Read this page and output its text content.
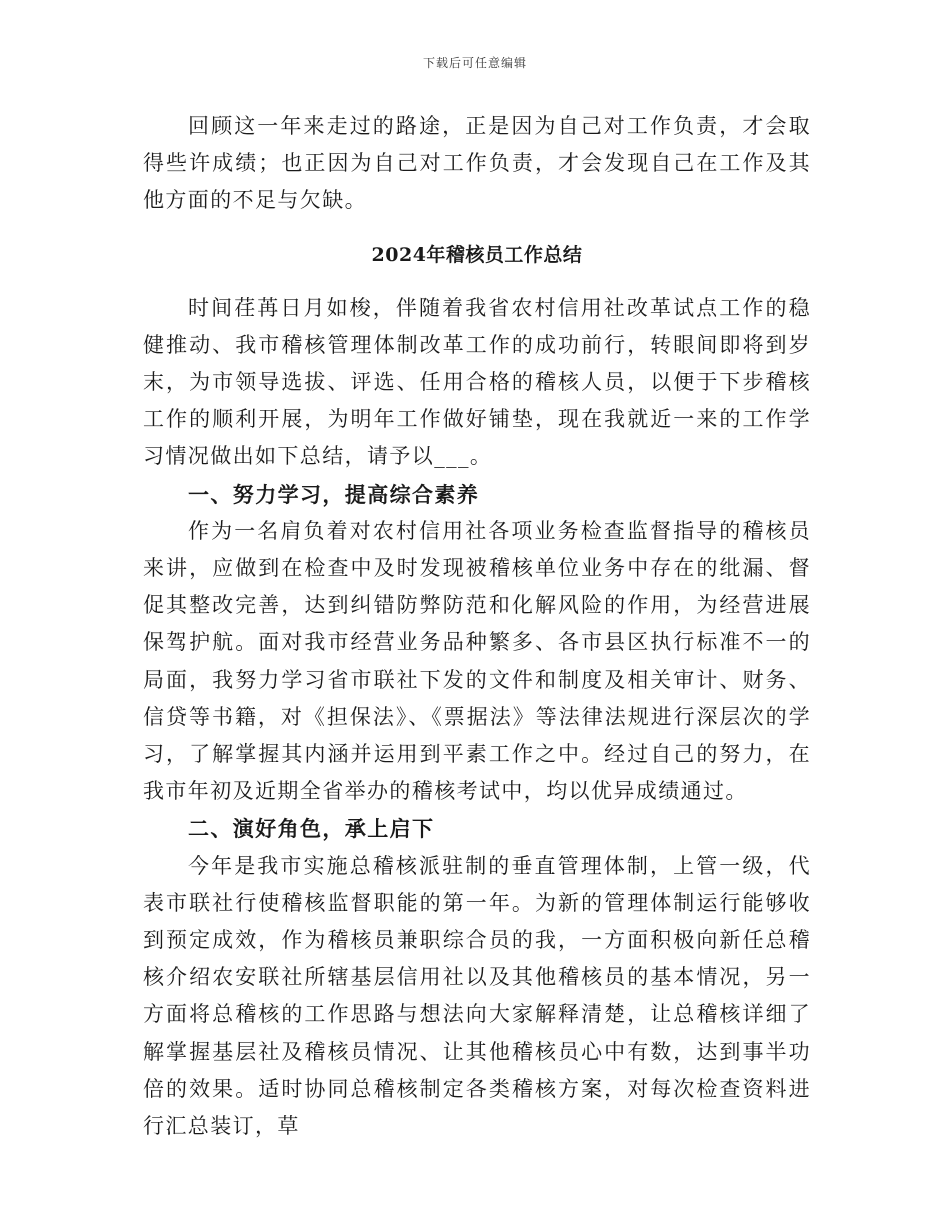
下载后可任意编辑

回顾这一年来走过的路途，正是因为自己对工作负责，才会取得些许成绩；也正因为自己对工作负责，才会发现自己在工作及其他方面的不足与欠缺。

2024年稽核员工作总结

时间荏苒日月如梭，伴随着我省农村信用社改革试点工作的稳健推动、我市稽核管理体制改革工作的成功前行，转眼间即将到岁末，为市领导选拔、评选、任用合格的稽核人员，以便于下步稽核工作的顺利开展，为明年工作做好铺垫，现在我就近一来的工作学习情况做出如下总结，请予以___。

一、努力学习，提高综合素养

作为一名肩负着对农村信用社各项业务检查监督指导的稽核员来讲，应做到在检查中及时发现被稽核单位业务中存在的纰漏、督促其整改完善，达到纠错防弊防范和化解风险的作用，为经营进展保驾护航。面对我市经营业务品种繁多、各市县区执行标准不一的局面，我努力学习省市联社下发的文件和制度及相关审计、财务、信贷等书籍，对《担保法》、《票据法》等法律法规进行深层次的学习，了解掌握其内涵并运用到平素工作之中。经过自己的努力，在我市年初及近期全省举办的稽核考试中，均以优异成绩通过。

二、演好角色，承上启下

今年是我市实施总稽核派驻制的垂直管理体制，上管一级，代表市联社行使稽核监督职能的第一年。为新的管理体制运行能够收到预定成效，作为稽核员兼职综合员的我，一方面积极向新任总稽核介绍农安联社所辖基层信用社以及其他稽核员的基本情况，另一方面将总稽核的工作思路与想法向大家解释清楚，让总稽核详细了解掌握基层社及稽核员情况、让其他稽核员心中有数，达到事半功倍的效果。适时协同总稽核制定各类稽核方案，对每次检查资料进行汇总装订，草
